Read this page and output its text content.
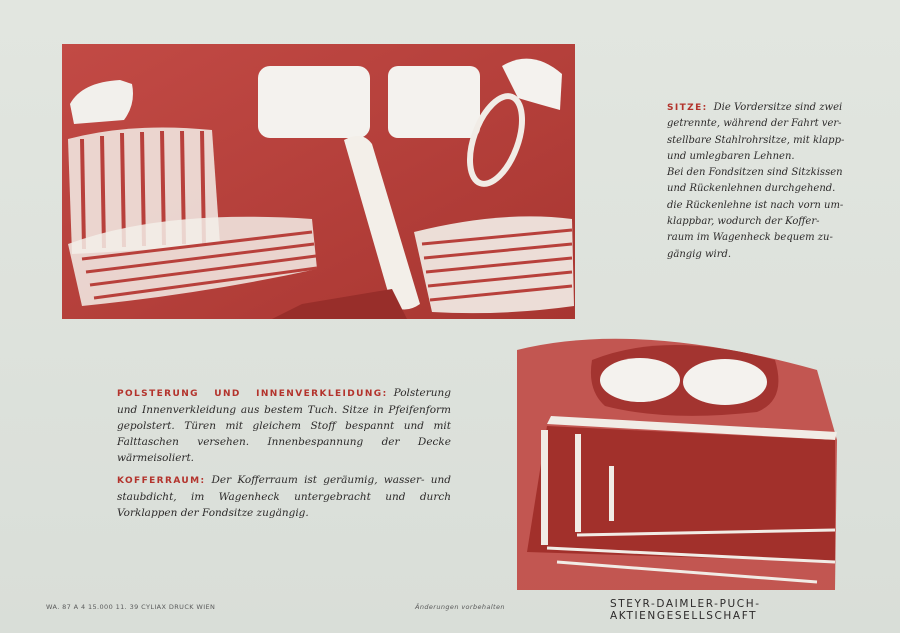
SITZE: Die Vordersitze sind zwei
getrennte, während der Fahrt ver-
stellbare Stahlrohrsitze, mit klapp-
und umlegbaren Lehnen.
Bei den Fondsitzen sind Sitzkissen
und Rückenlehnen durchgehend.
die Rückenlehne ist nach vorn um-
klappbar, wodurch der Koffer-
raum im Wagenheck bequem zu-
gängig wird.

POLSTERUNG UND INNENVERKLEIDUNG: Polsterung und Innenverkleidung aus bestem Tuch. Sitze in Pfeifenform gepolstert. Türen mit gleichem Stoff bespannt und mit Falttaschen versehen. Innenbespannung der Decke wärmeisoliert.

KOFFERRAUM: Der Kofferraum ist geräumig, wasser- und staubdicht, im Wagenheck untergebracht und durch Vorklappen der Fondsitze zugängig.

WA. 87 A 4 15.000 11. 39 CYLIAX DRUCK WIEN	Änderungen vorbehalten	STEYR-DAIMLER-PUCH-AKTIENGESELLSCHAFT
